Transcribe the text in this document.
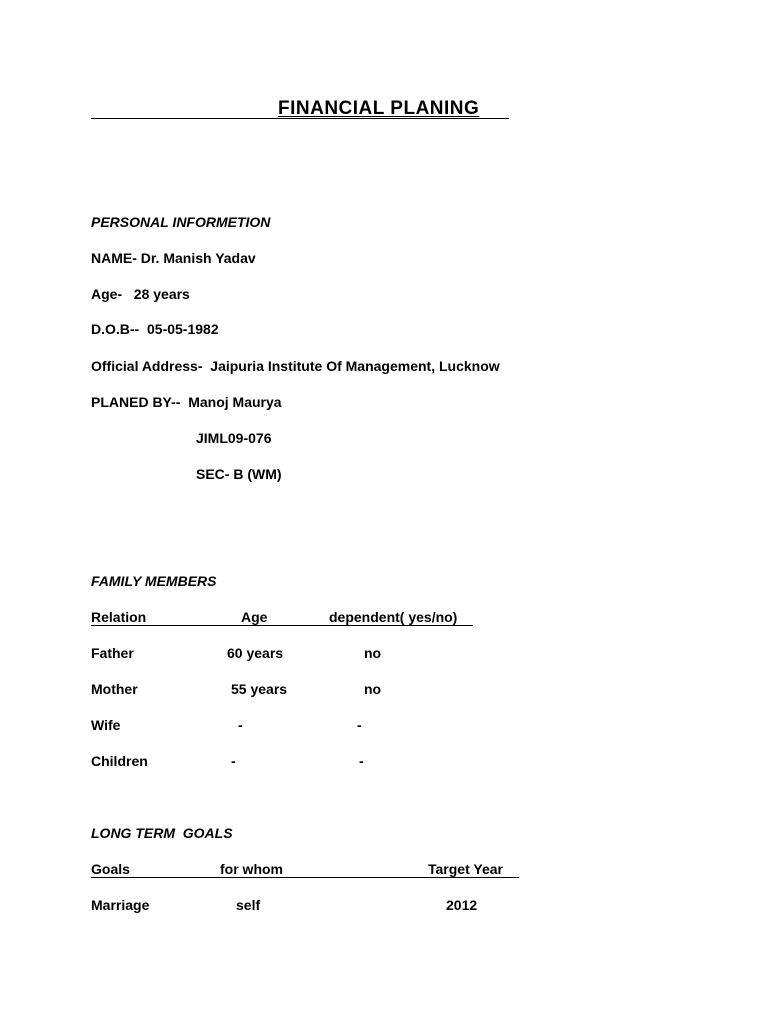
FINANCIAL PLANING
PERSONAL INFORMETION
NAME- Dr. Manish Yadav
Age-   28 years
D.O.B--  05-05-1982
Official Address-  Jaipuria Institute Of Management, Lucknow
PLANED BY--  Manoj Maurya
JIML09-076
SEC- B (WM)
FAMILY MEMBERS
Relation	Age	dependent( yes/no)
Father	60 years	no
Mother	55 years	no
Wife	-	-
Children	-	-
LONG TERM  GOALS
Goals	for whom	Target Year
Marriage	self	2012
